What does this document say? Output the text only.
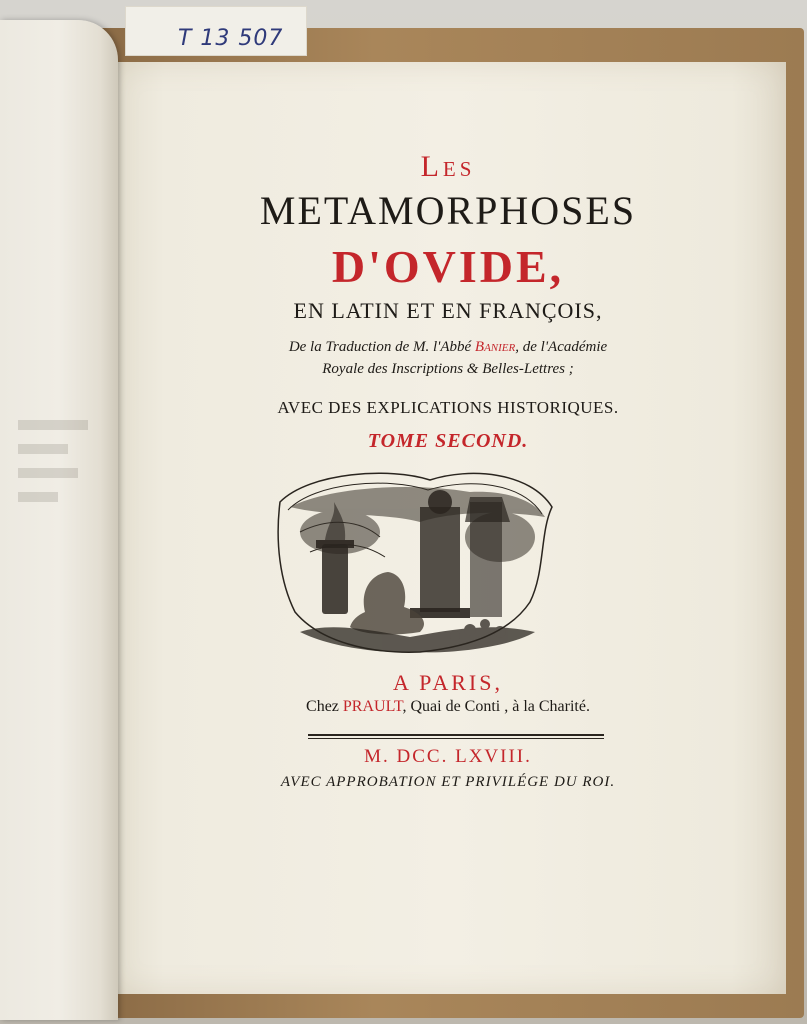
T 13 507
Les
METAMORPHOSES
D'OVIDE,
EN LATIN ET EN FRANÇOIS,
De la Traduction de M. l'Abbé Banier, de l'Académie
Royale des Inscriptions & Belles-Lettres ;
AVEC DES EXPLICATIONS HISTORIQUES.
TOME SECOND.
A PARIS,
Chez PRAULT, Quai de Conti , à la Charité.
M. DCC. LXVIII.
AVEC APPROBATION ET PRIVILÉGE DU ROI.
